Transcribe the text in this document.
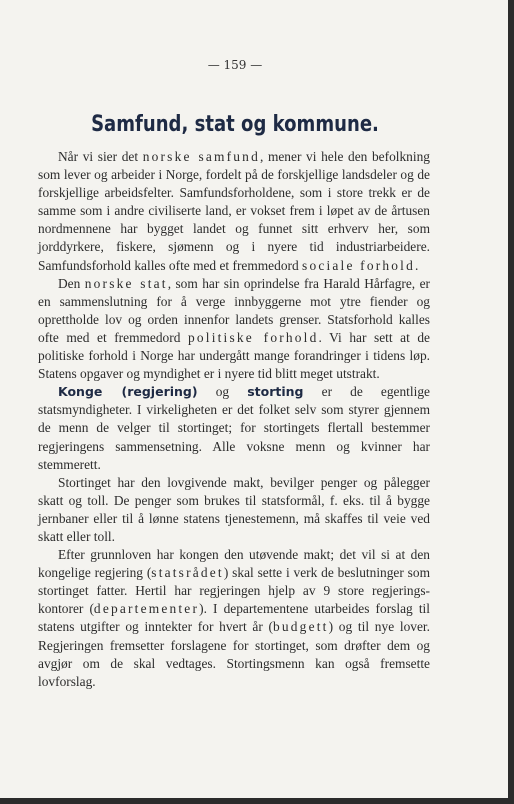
— 159 —
Samfund, stat og kommune.

Når vi sier det norske samfund, mener vi hele den befolkning som lever og arbeider i Norge, fordelt på de forskjellige landsdeler og de forskjellige arbeidsfelter. Samfundsforholdene, som i store trekk er de samme som i andre civiliserte land, er vokset frem i løpet av de årtusen nordmennene har bygget landet og funnet sitt erhverv her, som jorddyrkere, fiskere, sjømenn og i nyere tid industriarbeidere. Samfundsforhold kalles ofte med et fremmedord sociale forhold.

Den norske stat, som har sin oprindelse fra Harald Hårfagre, er en sammenslutning for å verge innbyggerne mot ytre fiender og oprettholde lov og orden innenfor landets grenser. Statsforhold kalles ofte med et fremmedord politiske forhold. Vi har sett at de politiske forhold i Norge har undergått mange forandringer i tidens løp. Statens opgaver og myndighet er i nyere tid blitt meget utstrakt.

Konge (regjering) og storting er de egentlige statsmyndigheter. I virkeligheten er det folket selv som styrer gjennem de menn de velger til stortinget; for stortingets flertall bestemmer regjeringens sammensetning. Alle voksne menn og kvinner har stemmerett.

Stortinget har den lovgivende makt, bevilger penger og pålegger skatt og toll. De penger som brukes til statsformål, f. eks. til å bygge jernbaner eller til å lønne statens tjenestemenn, må skaffes til veie ved skatt eller toll.

Efter grunnloven har kongen den utøvende makt; det vil si at den kongelige regjering (statsrådet) skal sette i verk de beslutninger som stortinget fatter. Hertil har regjeringen hjelp av 9 store regjerings-kontorer (departementer). I departementene utarbeides forslag til statens utgifter og inntekter for hvert år (budgett) og til nye lover. Regjeringen fremsetter forslagene for stortinget, som drøfter dem og avgjør om de skal vedtages. Stortingsmenn kan også fremsette lovforslag.
